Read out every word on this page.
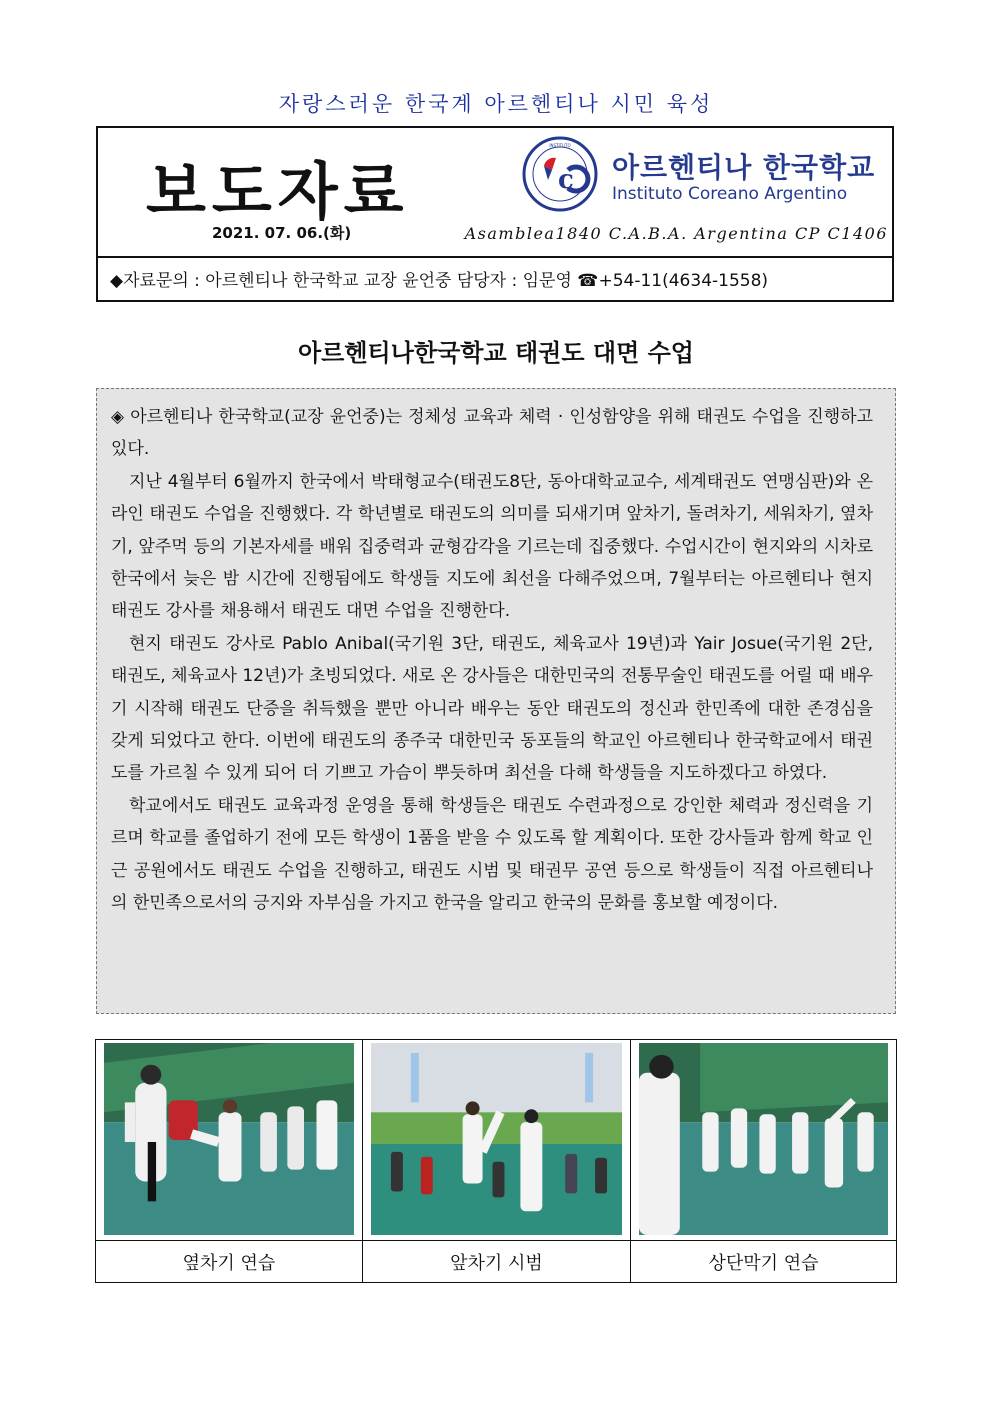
자랑스러운 한국계 아르헨티나 시민 육성
보도자료
2021. 07. 06.(화)
c
INSTITUTO
아르헨티나 한국학교
Instituto Coreano Argentino
Asamblea1840 C.A.B.A. Argentina CP C1406
◆자료문의 : 아르헨티나 한국학교 교장 윤언중 담당자 : 임문영 ☎+54-11(4634-1558)
아르헨티나한국학교 태권도 대면 수업

◈ 아르헨티나 한국학교(교장 윤언중)는 정체성 교육과 체력 · 인성함양을 위해 태권도 수업을 진행하고 있다.

지난 4월부터 6월까지 한국에서 박태형교수(태권도8단, 동아대학교교수, 세계태권도 연맹심판)와 온라인 태권도 수업을 진행했다. 각 학년별로 태권도의 의미를 되새기며 앞차기, 돌려차기, 세워차기, 옆차기, 앞주먹 등의 기본자세를 배워 집중력과 균형감각을 기르는데 집중했다. 수업시간이 현지와의 시차로 한국에서 늦은 밤 시간에 진행됨에도 학생들 지도에 최선을 다해주었으며, 7월부터는 아르헨티나 현지 태권도 강사를 채용해서 태권도 대면 수업을 진행한다.

현지 태권도 강사로 Pablo Anibal(국기원 3단, 태권도, 체육교사 19년)과 Yair Josue(국기원 2단, 태권도, 체육교사 12년)가 초빙되었다. 새로 온 강사들은 대한민국의 전통무술인 태권도를 어릴 때 배우기 시작해 태권도 단증을 취득했을 뿐만 아니라 배우는 동안 태권도의 정신과 한민족에 대한 존경심을 갖게 되었다고 한다. 이번에 태권도의 종주국 대한민국 동포들의 학교인 아르헨티나 한국학교에서 태권도를 가르칠 수 있게 되어 더 기쁘고 가슴이 뿌듯하며 최선을 다해 학생들을 지도하겠다고 하였다.

학교에서도 태권도 교육과정 운영을 통해 학생들은 태권도 수련과정으로 강인한 체력과 정신력을 기르며 학교를 졸업하기 전에 모든 학생이 1품을 받을 수 있도록 할 계획이다. 또한 강사들과 함께 학교 인근 공원에서도 태권도 수업을 진행하고, 태권도 시범 및 태권무 공연 등으로 학생들이 직접 아르헨티나의 한민족으로서의 긍지와 자부심을 가지고 한국을 알리고 한국의 문화를 홍보할 예정이다.

옆차기 연습	앞차기 시범	상단막기 연습
